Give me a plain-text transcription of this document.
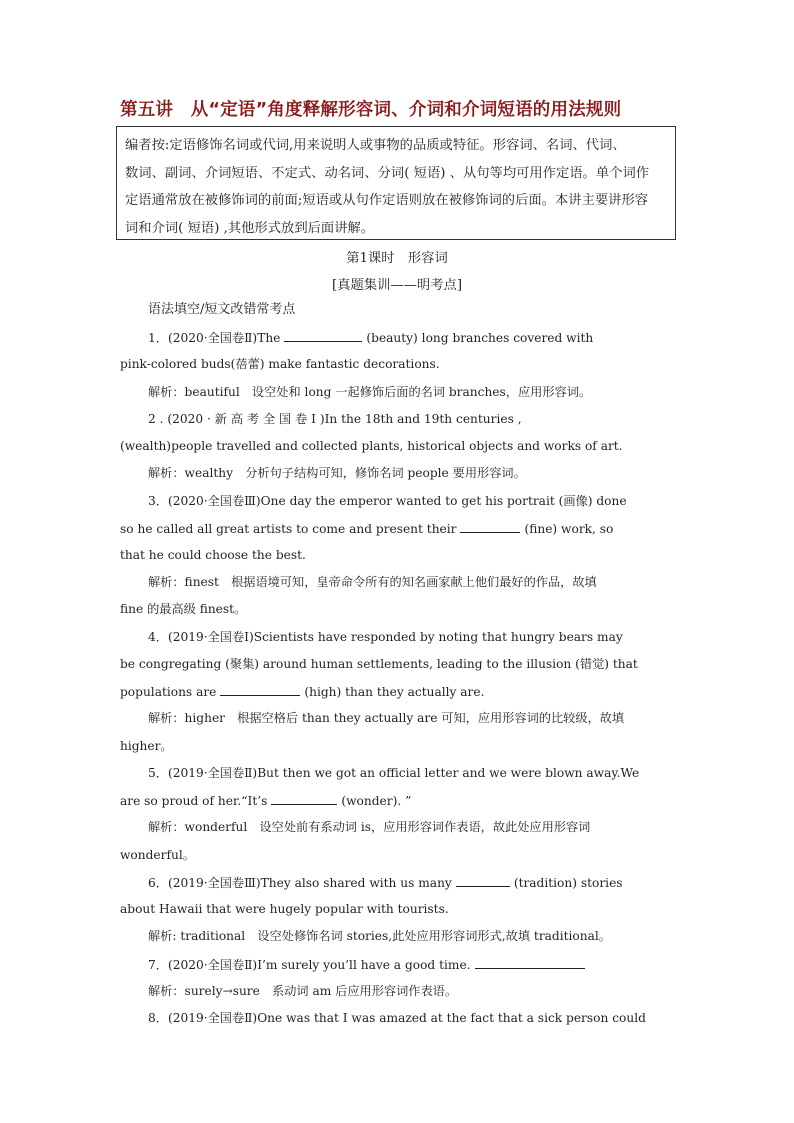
第五讲　从“定语”角度释解形容词、介词和介词短语的用法规则
编者按:定语修饰名词或代词,用来说明人或事物的品质或特征。形容词、名词、代词、
数词、副词、介词短语、不定式、动名词、分词( 短语) 、从句等均可用作定语。单个词作
定语通常放在被修饰词的前面;短语或从句作定语则放在被修饰词的后面。本讲主要讲形容
词和介词( 短语) ,其他形式放到后面讲解。
第1课时　形容词
[真题集训——明考点]
语法填空/短文改错常考点
1．(2020·全国卷Ⅱ)The	(beauty) long branches covered with
pink-colored buds(蓓蕾) make fantastic decorations.
解析：beautiful　设空处和 long 一起修饰后面的名词 branches，应用形容词。
2 . (2020 · 新 高 考 全 国 卷 Ⅰ )In the 18th and 19th centuries ,
(wealth)people travelled and collected plants, historical objects and works of art.
解析：wealthy　分析句子结构可知，修饰名词 people 要用形容词。
3．(2020·全国卷Ⅲ)One day the emperor wanted to get his portrait (画像) done
so he called all great artists to come and present their	(fine) work, so
that he could choose the best.
解析：finest　根据语境可知，皇帝命令所有的知名画家献上他们最好的作品，故填
fine 的最高级 finest。
4．(2019·全国卷Ⅰ)Scientists have responded by noting that hungry bears may
be congregating (聚集) around human settlements, leading to the illusion (错觉) that
populations are	(high) than they actually are.
解析：higher　根据空格后 than they actually are 可知，应用形容词的比较级，故填
higher。
5．(2019·全国卷Ⅱ)But then we got an official letter and we were blown away.We
are so proud of her.“It’s	(wonder). ”
解析：wonderful　设空处前有系动词 is，应用形容词作表语，故此处应用形容词
wonderful。
6．(2019·全国卷Ⅲ)They also shared with us many	(tradition) stories
about Hawaii that were hugely popular with tourists.
解析: traditional　设空处修饰名词 stories,此处应用形容词形式,故填 traditional。
7．(2020·全国卷Ⅱ)I’m surely you’ll have a good time.
解析：surely→sure　系动词 am 后应用形容词作表语。
8．(2019·全国卷Ⅱ)One was that I was amazed at the fact that a sick person could
